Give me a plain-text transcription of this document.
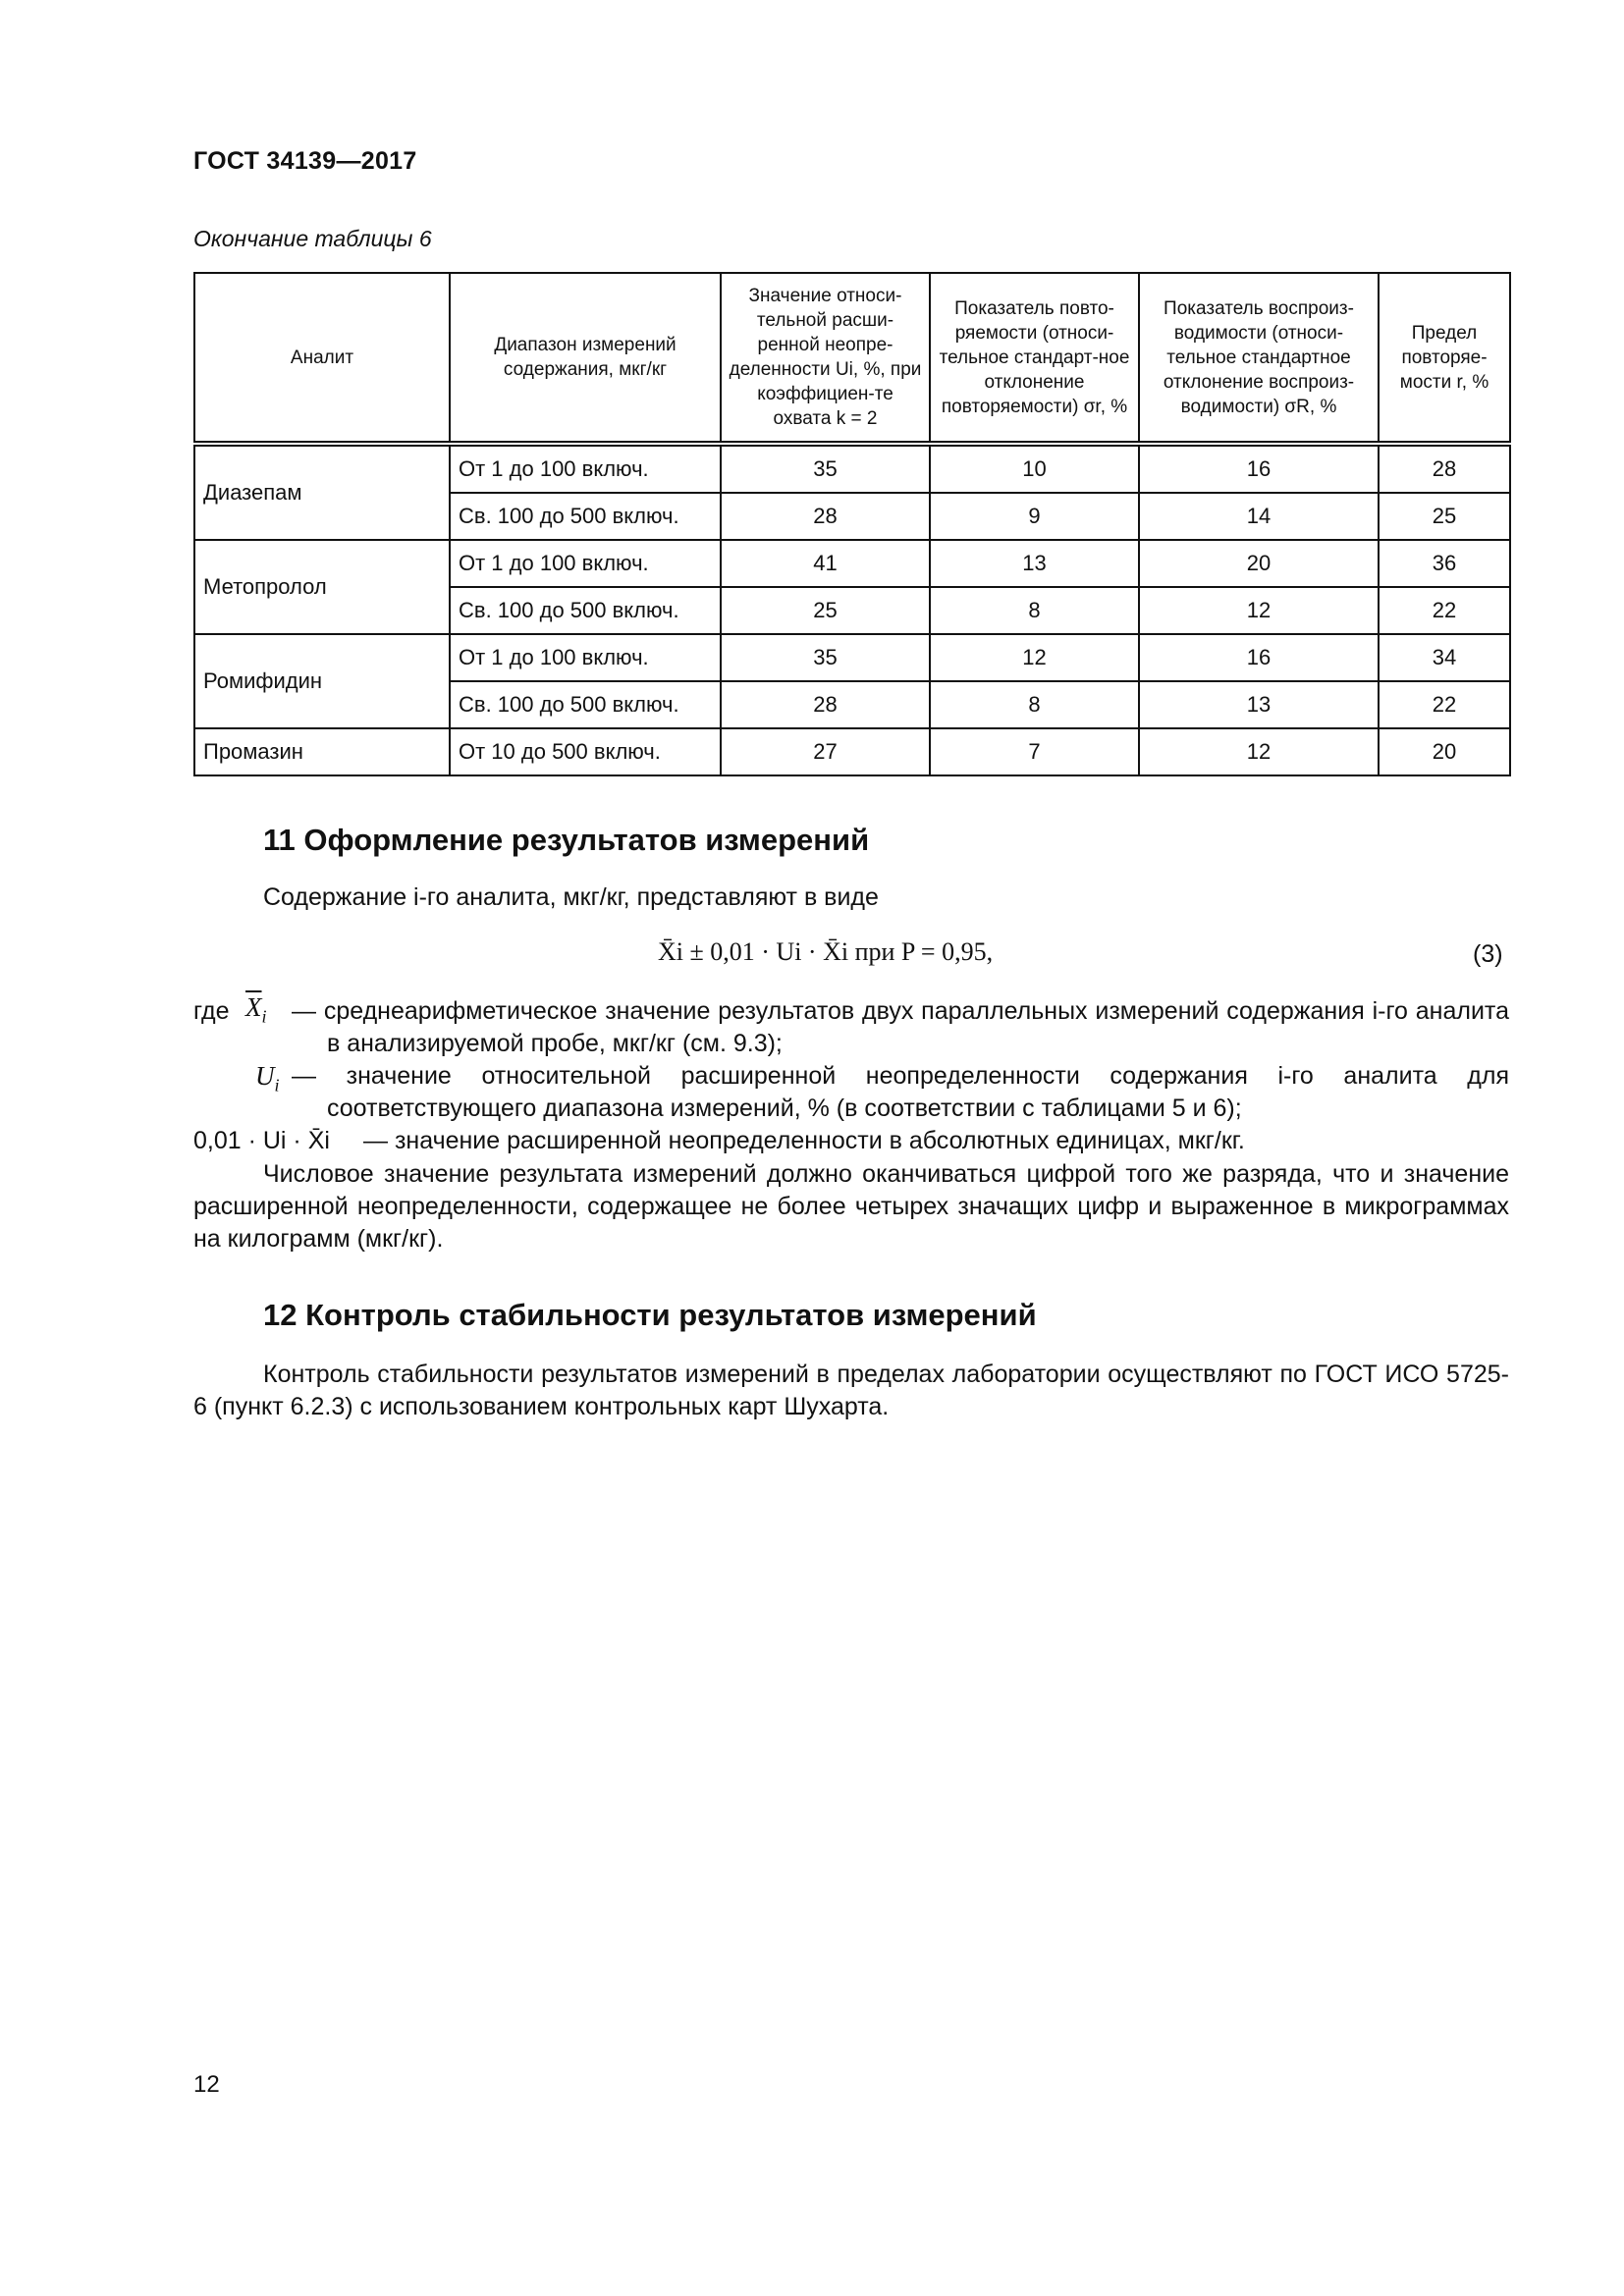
ГОСТ 34139—2017
Окончание таблицы 6
Аналит	Диапазон измерений содержания, мкг/кг	Значение относи-тельной расши-ренной неопре-деленности Ui, %, при коэффициен-те охвата k = 2	Показатель повто-ряемости (относи-тельное стандарт-ное отклонение повторяемости) σr, %	Показатель воспроиз-водимости (относи-тельное стандартное отклонение воспроиз-водимости) σR, %	Предел повторяе-мости r, %
Диазепам	От 1 до 100 включ.	35	10	16	28
	Св. 100 до 500 включ.	28	9	14	25
Метопролол	От 1 до 100 включ.	41	13	20	36
	Св. 100 до 500 включ.	25	8	12	22
Ромифидин	От 1 до 100 включ.	35	12	16	34
	Св. 100 до 500 включ.	28	8	13	22
Промазин	От 10 до 500 включ.	27	7	12	20
11 Оформление результатов измерений
Содержание i-го аналита, мкг/кг, представляют в виде
X̄i ± 0,01 · Ui · X̄i при P = 0,95,	(3)
где $\overline{X}_i$ — среднеарифметическое значение результатов двух параллельных измерений содержания i-го аналита в анализируемой пробе, мкг/кг (см. 9.3);
$U_i$ — значение относительной расширенной неопределенности содержания i-го аналита для соответствующего диапазона измерений, % (в соответствии с таблицами 5 и 6);
0,01 · Ui · X̄i — значение расширенной неопределенности в абсолютных единицах, мкг/кг.
Числовое значение результата измерений должно оканчиваться цифрой того же разряда, что и значение расширенной неопределенности, содержащее не более четырех значащих цифр и выраженное в микрограммах на килограмм (мкг/кг).
12 Контроль стабильности результатов измерений
Контроль стабильности результатов измерений в пределах лаборатории осуществляют по ГОСТ ИСО 5725-6 (пункт 6.2.3) с использованием контрольных карт Шухарта.
12
